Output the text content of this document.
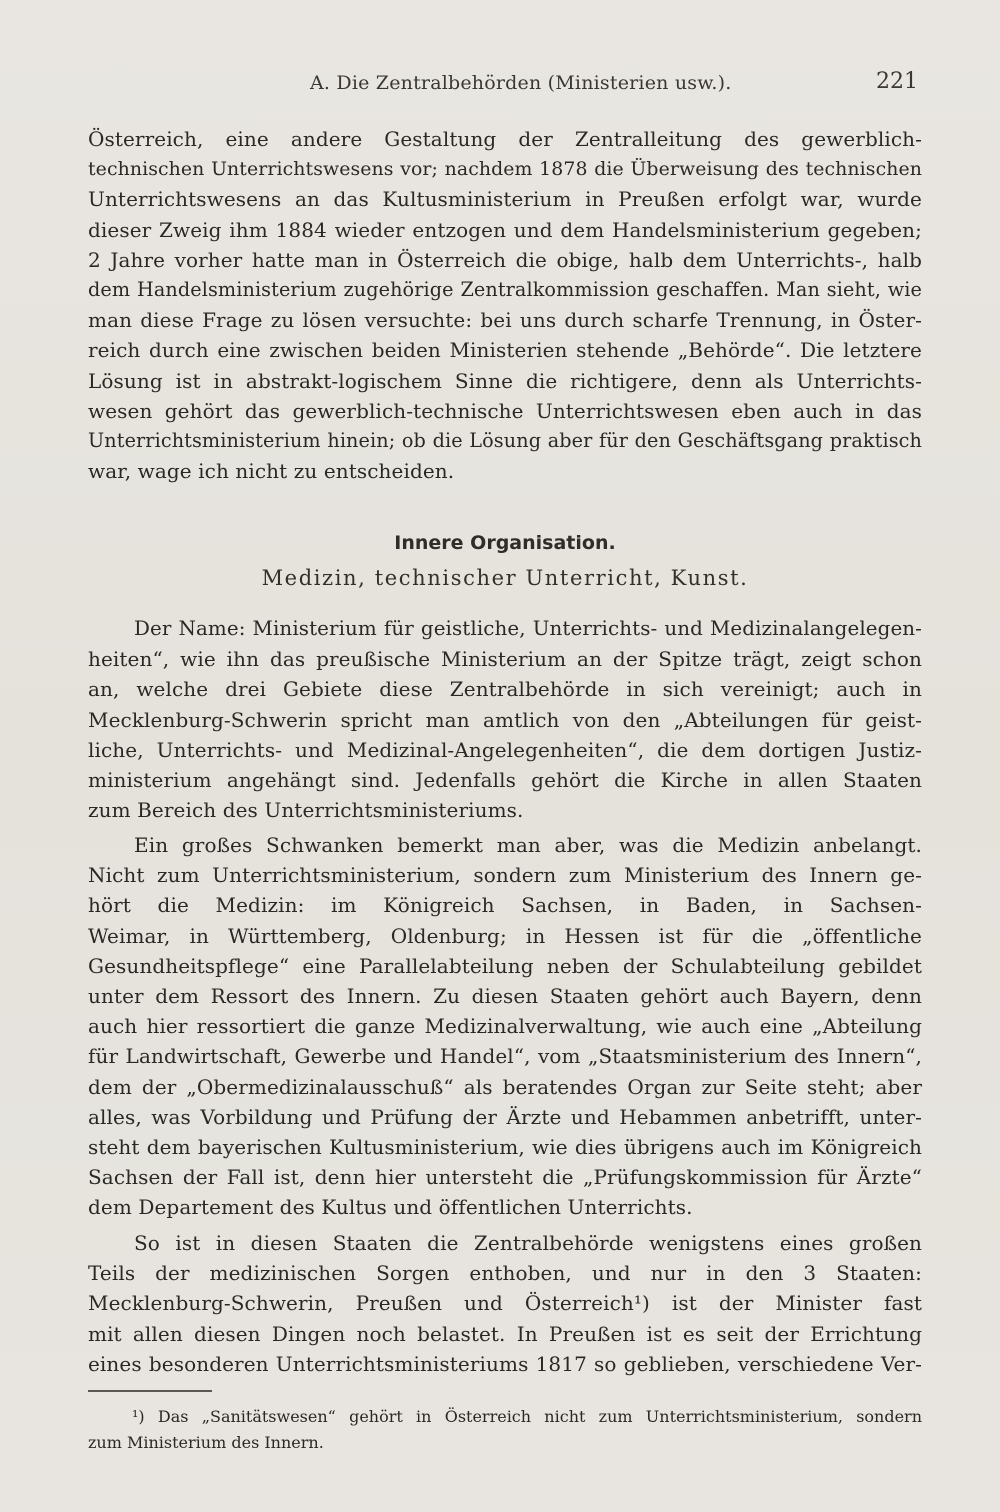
A. Die Zentralbehörden (Ministerien usw.).	221

Österreich, eine andere Gestaltung der Zentralleitung des gewerblich-

technischen Unterrichtswesens vor; nachdem 1878 die Überweisung des technischen

Unterrichtswesens an das Kultusministerium in Preußen erfolgt war, wurde

dieser Zweig ihm 1884 wieder entzogen und dem Handelsministerium gegeben;

2 Jahre vorher hatte man in Österreich die obige, halb dem Unterrichts-, halb

dem Handelsministerium zugehörige Zentralkommission geschaffen. Man sieht, wie

man diese Frage zu lösen versuchte: bei uns durch scharfe Trennung, in Öster-

reich durch eine zwischen beiden Ministerien stehende „Behörde“. Die letztere

Lösung ist in abstrakt-logischem Sinne die richtigere, denn als Unterrichts-

wesen gehört das gewerblich-technische Unterrichtswesen eben auch in das

Unterrichtsministerium hinein; ob die Lösung aber für den Geschäftsgang praktisch

war, wage ich nicht zu entscheiden.

Innere Organisation.
Medizin, technischer Unterricht, Kunst.

Der Name: Ministerium für geistliche, Unterrichts- und Medizinalangelegen-

heiten“, wie ihn das preußische Ministerium an der Spitze trägt, zeigt schon

an, welche drei Gebiete diese Zentralbehörde in sich vereinigt; auch in

Mecklenburg-Schwerin spricht man amtlich von den „Abteilungen für geist-

liche, Unterrichts- und Medizinal-Angelegenheiten“, die dem dortigen Justiz-

ministerium angehängt sind. Jedenfalls gehört die Kirche in allen Staaten

zum Bereich des Unterrichtsministeriums.

Ein großes Schwanken bemerkt man aber, was die Medizin anbelangt.

Nicht zum Unterrichtsministerium, sondern zum Ministerium des Innern ge-

hört die Medizin: im Königreich Sachsen, in Baden, in Sachsen-

Weimar, in Württemberg, Oldenburg; in Hessen ist für die „öffentliche

Gesundheitspflege“ eine Parallelabteilung neben der Schulabteilung gebildet

unter dem Ressort des Innern. Zu diesen Staaten gehört auch Bayern, denn

auch hier ressortiert die ganze Medizinalverwaltung, wie auch eine „Abteilung

für Landwirtschaft, Gewerbe und Handel“, vom „Staatsministerium des Innern“,

dem der „Obermedizinalausschuß“ als beratendes Organ zur Seite steht; aber

alles, was Vorbildung und Prüfung der Ärzte und Hebammen anbetrifft, unter-

steht dem bayerischen Kultusministerium, wie dies übrigens auch im Königreich

Sachsen der Fall ist, denn hier untersteht die „Prüfungskommission für Ärzte“

dem Departement des Kultus und öffentlichen Unterrichts.

So ist in diesen Staaten die Zentralbehörde wenigstens eines großen

Teils der medizinischen Sorgen enthoben, und nur in den 3 Staaten:

Mecklenburg-Schwerin, Preußen und Österreich¹) ist der Minister fast

mit allen diesen Dingen noch belastet. In Preußen ist es seit der Errichtung

eines besonderen Unterrichtsministeriums 1817 so geblieben, verschiedene Ver-

¹) Das „Sanitätswesen“ gehört in Österreich nicht zum Unterrichtsministerium, sondern

zum Ministerium des Innern.
